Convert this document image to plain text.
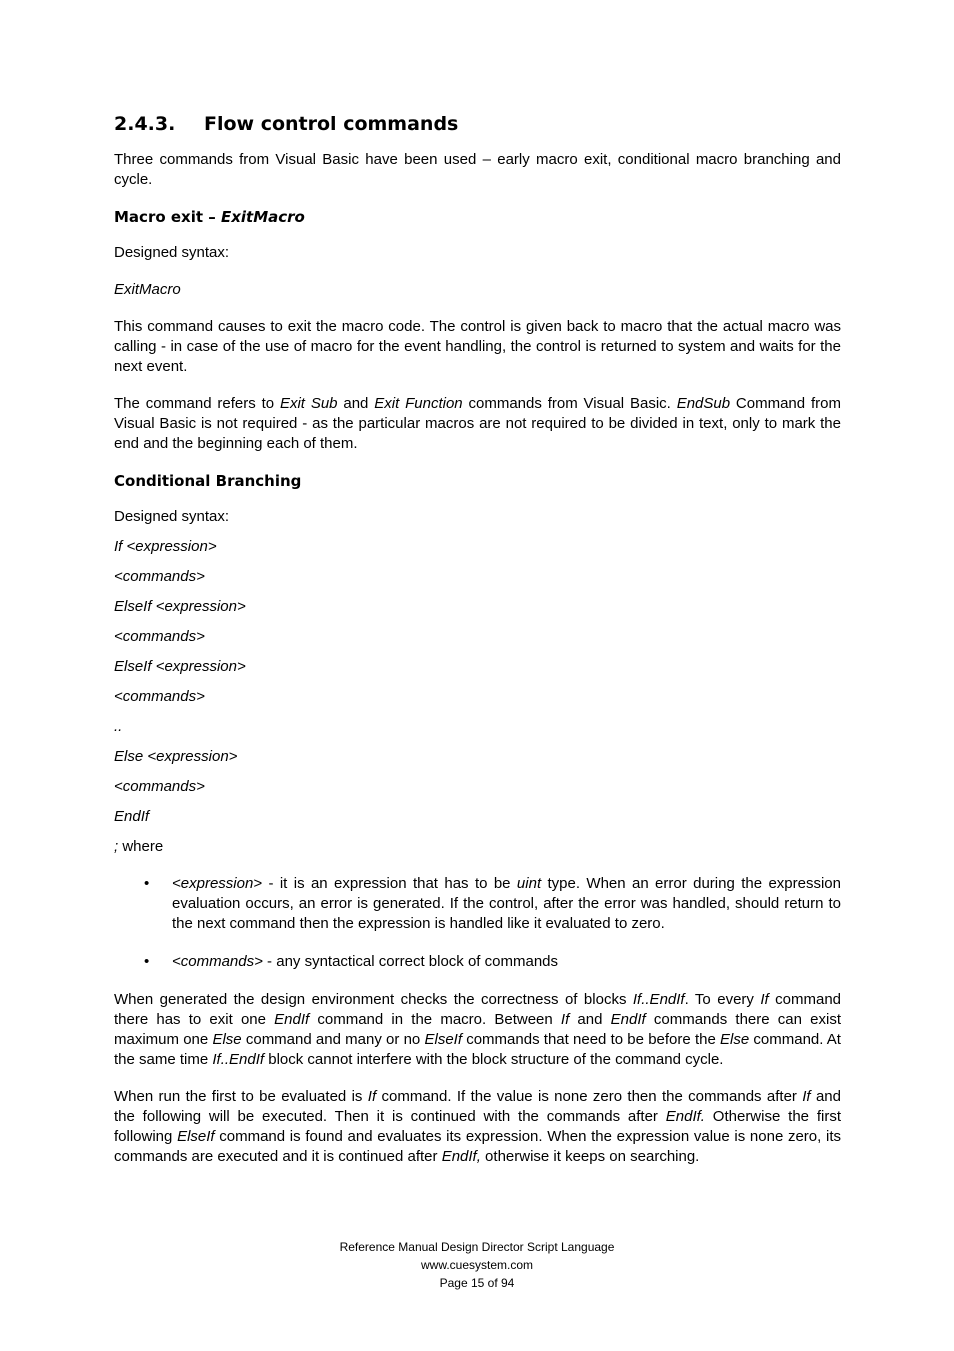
2.4.3. Flow control commands

Three commands from Visual Basic have been used – early macro exit, conditional macro branching and cycle.

Macro exit – ExitMacro

Designed syntax:

ExitMacro

This command causes to exit the macro code. The control is given back to macro that the actual macro was calling - in case of the use of macro for the event handling, the control is returned to system and waits for the next event.

The command refers to Exit Sub and Exit Function commands from Visual Basic. EndSub Command from Visual Basic is not required - as the particular macros are not required to be divided in text, only to mark the end and the beginning each of them.

Conditional Branching

Designed syntax:

If <expression>

<commands>

ElseIf <expression>

<commands>

ElseIf <expression>

<commands>

..

Else <expression>

<commands>

EndIf

; where

• <expression> - it is an expression that has to be uint type. When an error during the expression evaluation occurs, an error is generated. If the control, after the error was handled, should return to the next command then the expression is handled like it evaluated to zero.
• <commands> - any syntactical correct block of commands

When generated the design environment checks the correctness of blocks If..EndIf. To every If command there has to exit one EndIf command in the macro. Between If and EndIf commands there can exist maximum one Else command and many or no ElseIf commands that need to be before the Else command. At the same time If..EndIf block cannot interfere with the block structure of the command cycle.

When run the first to be evaluated is If command. If the value is none zero then the commands after If and the following will be executed. Then it is continued with the commands after EndIf. Otherwise the first following ElseIf command is found and evaluates its expression. When the expression value is none zero, its commands are executed and it is continued after EndIf, otherwise it keeps on searching.

Reference Manual Design Director Script Language
www.cuesystem.com
Page 15 of 94
